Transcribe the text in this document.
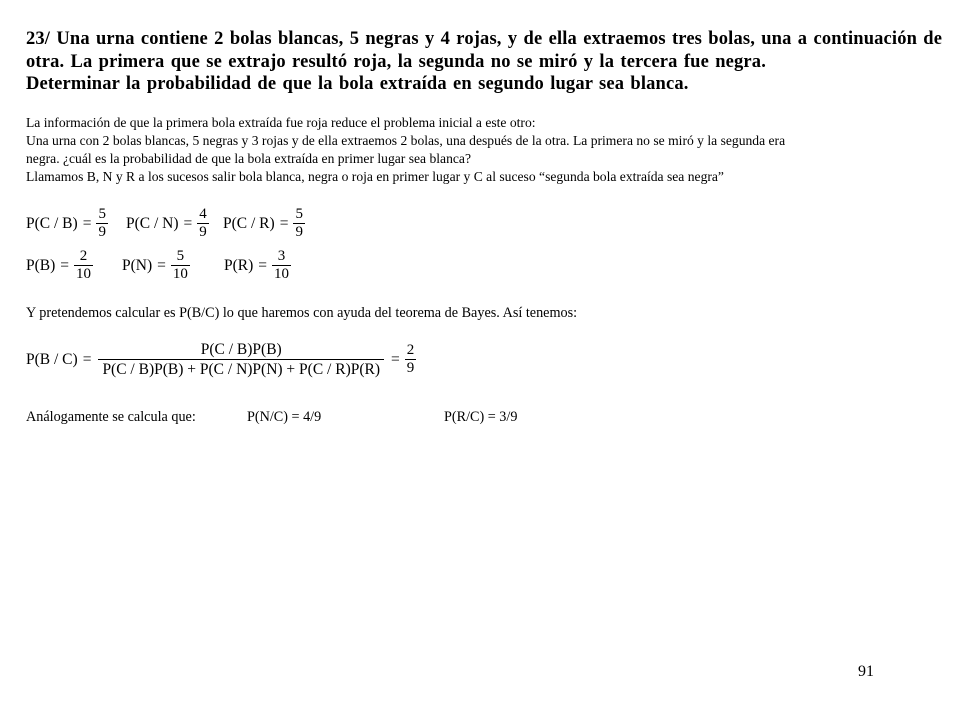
23/ Una urna contiene 2 bolas blancas, 5 negras y 4 rojas, y de ella extraemos tres bolas, una a continuación de
otra. La primera que se extrajo resultó roja, la segunda no se miró y la tercera fue negra.
Determinar la probabilidad de que la bola extraída en segundo lugar sea blanca.
La información de que la primera bola extraída fue roja reduce el problema inicial a este otro:
Una urna con 2 bolas blancas, 5 negras y 3 rojas y de ella extraemos 2 bolas, una después de la otra. La primera no se miró y la segunda era
negra. ¿cuál es la probabilidad de que la bola extraída en primer lugar sea blanca?
Llamamos B, N y R a los sucesos salir bola blanca, negra o roja en primer lugar y C al suceso “segunda bola extraída sea negra”
$P(C / B) = \frac{5}{9} P(C / N) = \frac{4}{9} P(C / R) = \frac{5}{9}$
$P(B) = \frac{2}{10} P(N) = \frac{5}{10} P(R) = \frac{3}{10}$
Y pretendemos calcular es P(B/C) lo que haremos con ayuda del teorema de Bayes. Así tenemos:
$P(B / C) = \frac{P(C / B)P(B)}{P(C / B)P(B) + P(C / N)P(N) + P(C / R)P(R)} = \frac{2}{9}$
Análogamente se calcula que:	P(N/C) = 4/9	P(R/C) = 3/9
91
